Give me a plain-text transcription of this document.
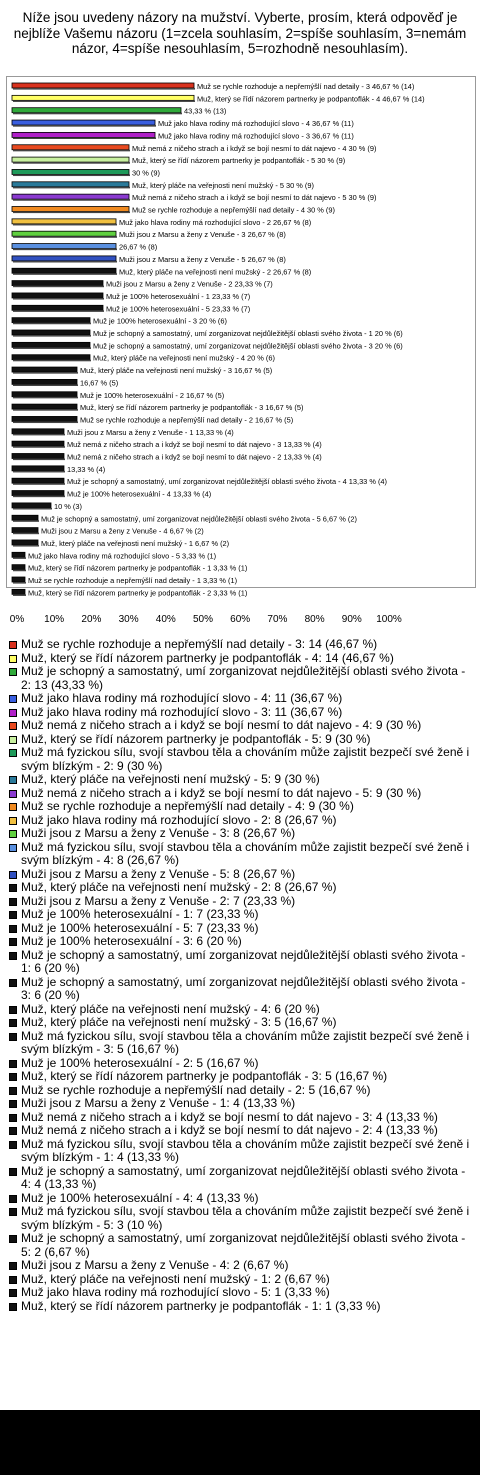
Níže jsou uvedeny názory na mužství. Vyberte, prosím, která odpověď je nejblíže Vašemu názoru (1=zcela souhlasím, 2=spíše souhlasím, 3=nemám názor, 4=spíše nesouhlasím, 5=rozhodně nesouhlasím).
Muž se rychle rozhoduje a nepřemýšlí nad detaily - 3 46,67 % (14)
Muž, který se řídí názorem partnerky je podpantoflák - 4 46,67 % (14)
43,33 % (13)
Muž jako hlava rodiny má rozhodující slovo - 4 36,67 % (11)
Muž jako hlava rodiny má rozhodující slovo - 3 36,67 % (11)
Muž nemá z ničeho strach a i když se bojí nesmí to dát najevo - 4 30 % (9)
Muž, který se řídí názorem partnerky je podpantoflák - 5 30 % (9)
30 % (9)
Muž, který pláče na veřejnosti není mužský - 5 30 % (9)
Muž nemá z ničeho strach a i když se bojí nesmí to dát najevo - 5 30 % (9)
Muž se rychle rozhoduje a nepřemýšlí nad detaily - 4 30 % (9)
Muž jako hlava rodiny má rozhodující slovo - 2 26,67 % (8)
Muži jsou z Marsu a ženy z Venuše - 3 26,67 % (8)
26,67 % (8)
Muži jsou z Marsu a ženy z Venuše - 5 26,67 % (8)
Muž, který pláče na veřejnosti není mužský - 2 26,67 % (8)
Muži jsou z Marsu a ženy z Venuše - 2 23,33 % (7)
Muž je 100% heterosexuální - 1 23,33 % (7)
Muž je 100% heterosexuální - 5 23,33 % (7)
Muž je 100% heterosexuální - 3 20 % (6)
Muž je schopný a samostatný, umí zorganizovat nejdůležitější oblasti svého života - 1 20 % (6)
Muž je schopný a samostatný, umí zorganizovat nejdůležitější oblasti svého života - 3 20 % (6)
Muž, který pláče na veřejnosti není mužský - 4 20 % (6)
Muž, který pláče na veřejnosti není mužský - 3 16,67 % (5)
16,67 % (5)
Muž je 100% heterosexuální - 2 16,67 % (5)
Muž, který se řídí názorem partnerky je podpantoflák - 3 16,67 % (5)
Muž se rychle rozhoduje a nepřemýšlí nad detaily - 2 16,67 % (5)
Muži jsou z Marsu a ženy z Venuše - 1 13,33 % (4)
Muž nemá z ničeho strach a i když se bojí nesmí to dát najevo - 3 13,33 % (4)
Muž nemá z ničeho strach a i když se bojí nesmí to dát najevo - 2 13,33 % (4)
13,33 % (4)
Muž je schopný a samostatný, umí zorganizovat nejdůležitější oblasti svého života - 4 13,33 % (4)
Muž je 100% heterosexuální - 4 13,33 % (4)
10 % (3)
Muž je schopný a samostatný, umí zorganizovat nejdůležitější oblasti svého života - 5 6,67 % (2)
Muži jsou z Marsu a ženy z Venuše - 4 6,67 % (2)
Muž, který pláče na veřejnosti není mužský - 1 6,67 % (2)
Muž jako hlava rodiny má rozhodující slovo - 5 3,33 % (1)
Muž, který se řídí názorem partnerky je podpantoflák - 1 3,33 % (1)
Muž se rychle rozhoduje a nepřemýšlí nad detaily - 1 3,33 % (1)
Muž, který se řídí názorem partnerky je podpantoflák - 2 3,33 % (1)
0% 10% 20% 30% 40% 50% 60% 70% 80% 90% 100%
Muž se rychle rozhoduje a nepřemýšlí nad detaily - 3: 14 (46,67 %)
Muž, který se řídí názorem partnerky je podpantoflák - 4: 14 (46,67 %)
Muž je schopný a samostatný, umí zorganizovat nejdůležitější oblasti svého života - 2: 13 (43,33 %)
Muž jako hlava rodiny má rozhodující slovo - 4: 11 (36,67 %)
Muž jako hlava rodiny má rozhodující slovo - 3: 11 (36,67 %)
Muž nemá z ničeho strach a i když se bojí nesmí to dát najevo - 4: 9 (30 %)
Muž, který se řídí názorem partnerky je podpantoflák - 5: 9 (30 %)
Muž má fyzickou sílu, svojí stavbou těla a chováním může zajistit bezpečí své ženě i svým blízkým - 2: 9 (30 %)
Muž, který pláče na veřejnosti není mužský - 5: 9 (30 %)
Muž nemá z ničeho strach a i když se bojí nesmí to dát najevo - 5: 9 (30 %)
Muž se rychle rozhoduje a nepřemýšlí nad detaily - 4: 9 (30 %)
Muž jako hlava rodiny má rozhodující slovo - 2: 8 (26,67 %)
Muži jsou z Marsu a ženy z Venuše - 3: 8 (26,67 %)
Muž má fyzickou sílu, svojí stavbou těla a chováním může zajistit bezpečí své ženě i svým blízkým - 4: 8 (26,67 %)
Muži jsou z Marsu a ženy z Venuše - 5: 8 (26,67 %)
Muž, který pláče na veřejnosti není mužský - 2: 8 (26,67 %)
Muži jsou z Marsu a ženy z Venuše - 2: 7 (23,33 %)
Muž je 100% heterosexuální - 1: 7 (23,33 %)
Muž je 100% heterosexuální - 5: 7 (23,33 %)
Muž je 100% heterosexuální - 3: 6 (20 %)
Muž je schopný a samostatný, umí zorganizovat nejdůležitější oblasti svého života - 1: 6 (20 %)
Muž je schopný a samostatný, umí zorganizovat nejdůležitější oblasti svého života - 3: 6 (20 %)
Muž, který pláče na veřejnosti není mužský - 4: 6 (20 %)
Muž, který pláče na veřejnosti není mužský - 3: 5 (16,67 %)
Muž má fyzickou sílu, svojí stavbou těla a chováním může zajistit bezpečí své ženě i svým blízkým - 3: 5 (16,67 %)
Muž je 100% heterosexuální - 2: 5 (16,67 %)
Muž, který se řídí názorem partnerky je podpantoflák - 3: 5 (16,67 %)
Muž se rychle rozhoduje a nepřemýšlí nad detaily - 2: 5 (16,67 %)
Muži jsou z Marsu a ženy z Venuše - 1: 4 (13,33 %)
Muž nemá z ničeho strach a i když se bojí nesmí to dát najevo - 3: 4 (13,33 %)
Muž nemá z ničeho strach a i když se bojí nesmí to dát najevo - 2: 4 (13,33 %)
Muž má fyzickou sílu, svojí stavbou těla a chováním může zajistit bezpečí své ženě i svým blízkým - 1: 4 (13,33 %)
Muž je schopný a samostatný, umí zorganizovat nejdůležitější oblasti svého života - 4: 4 (13,33 %)
Muž je 100% heterosexuální - 4: 4 (13,33 %)
Muž má fyzickou sílu, svojí stavbou těla a chováním může zajistit bezpečí své ženě i svým blízkým - 5: 3 (10 %)
Muž je schopný a samostatný, umí zorganizovat nejdůležitější oblasti svého života - 5: 2 (6,67 %)
Muži jsou z Marsu a ženy z Venuše - 4: 2 (6,67 %)
Muž, který pláče na veřejnosti není mužský - 1: 2 (6,67 %)
Muž jako hlava rodiny má rozhodující slovo - 5: 1 (3,33 %)
Muž, který se řídí názorem partnerky je podpantoflák - 1: 1 (3,33 %)
